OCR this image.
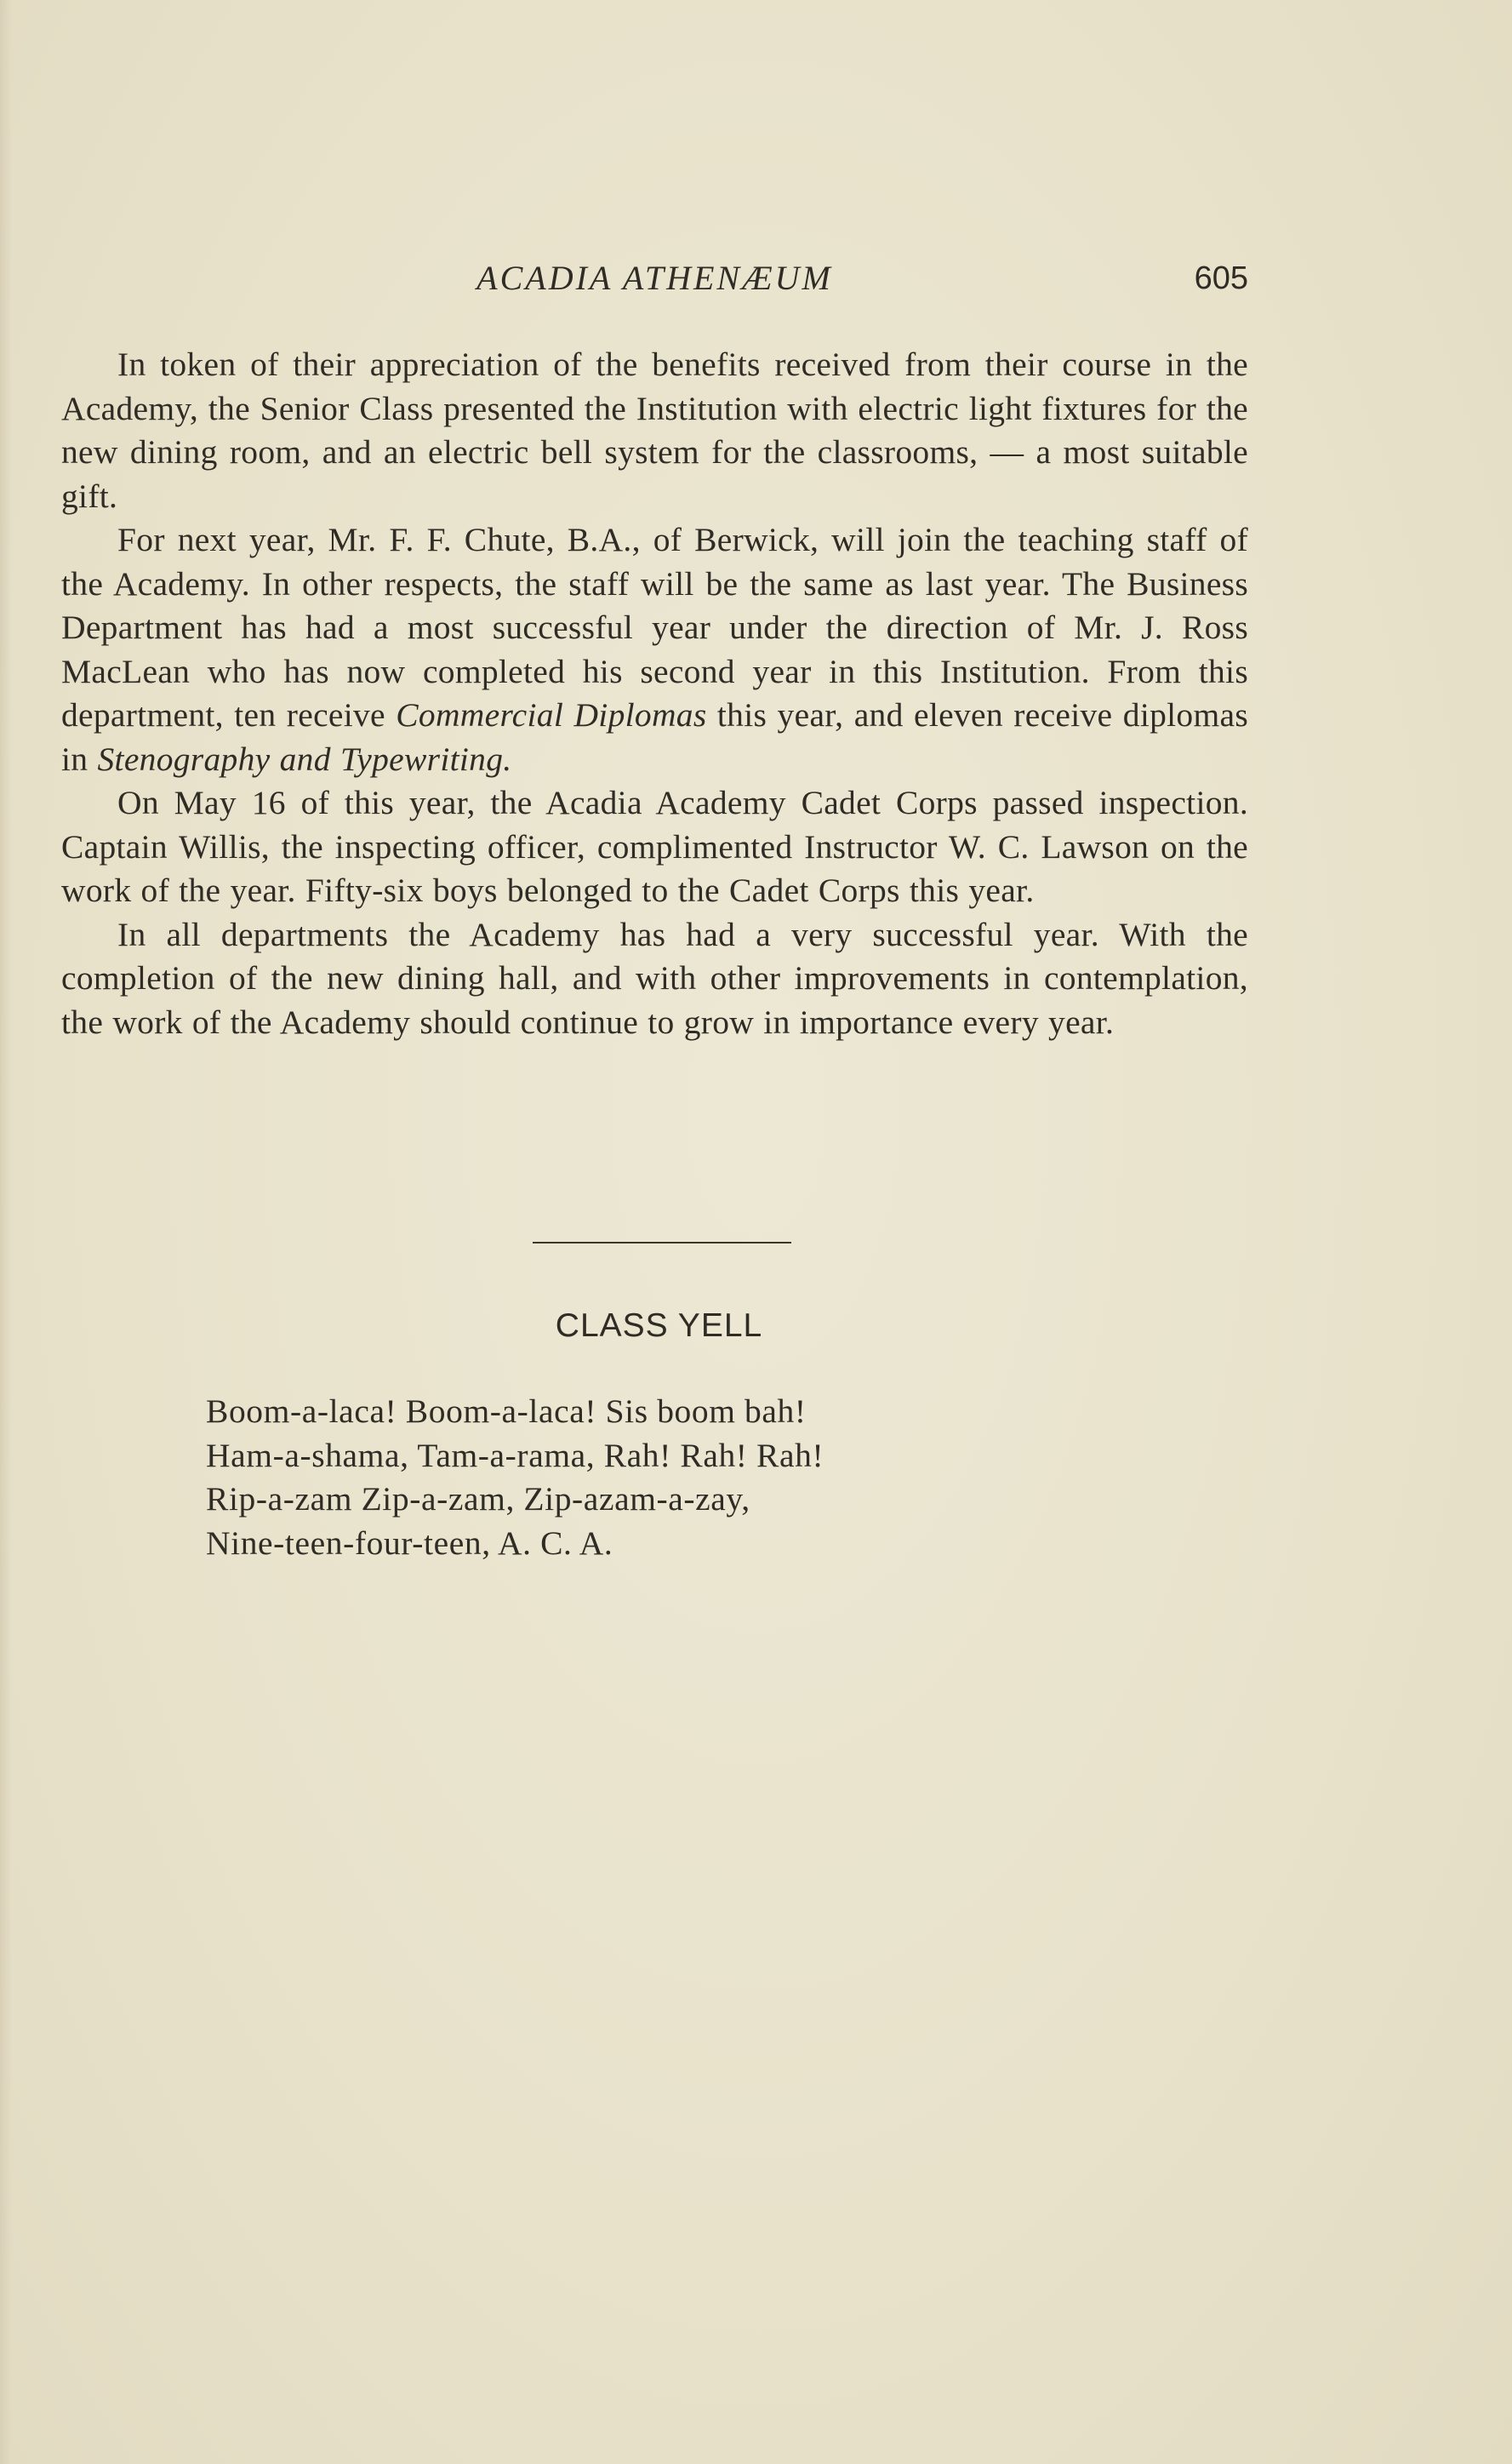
ACADIA ATHENÆUM	605

In token of their appreciation of the benefits received from their course in the Academy, the Senior Class presented the Institution with electric light fixtures for the new dining room, and an electric bell system for the classrooms, — a most suitable gift.

For next year, Mr. F. F. Chute, B.A., of Berwick, will join the teaching staff of the Academy. In other respects, the staff will be the same as last year. The Business Department has had a most successful year under the direction of Mr. J. Ross MacLean who has now completed his second year in this Institution. From this department, ten receive Commercial Diplomas this year, and eleven receive diplomas in Stenography and Typewriting.

On May 16 of this year, the Acadia Academy Cadet Corps passed inspection. Captain Willis, the inspecting officer, complimented Instructor W. C. Lawson on the work of the year. Fifty-six boys belonged to the Cadet Corps this year.

In all departments the Academy has had a very successful year. With the completion of the new dining hall, and with other improvements in contemplation, the work of the Academy should continue to grow in importance every year.

CLASS YELL
Boom-a-laca! Boom-a-laca! Sis boom bah!
Ham-a-shama, Tam-a-rama, Rah! Rah! Rah!
Rip-a-zam Zip-a-zam, Zip-azam-a-zay,
Nine-teen-four-teen, A. C. A.
